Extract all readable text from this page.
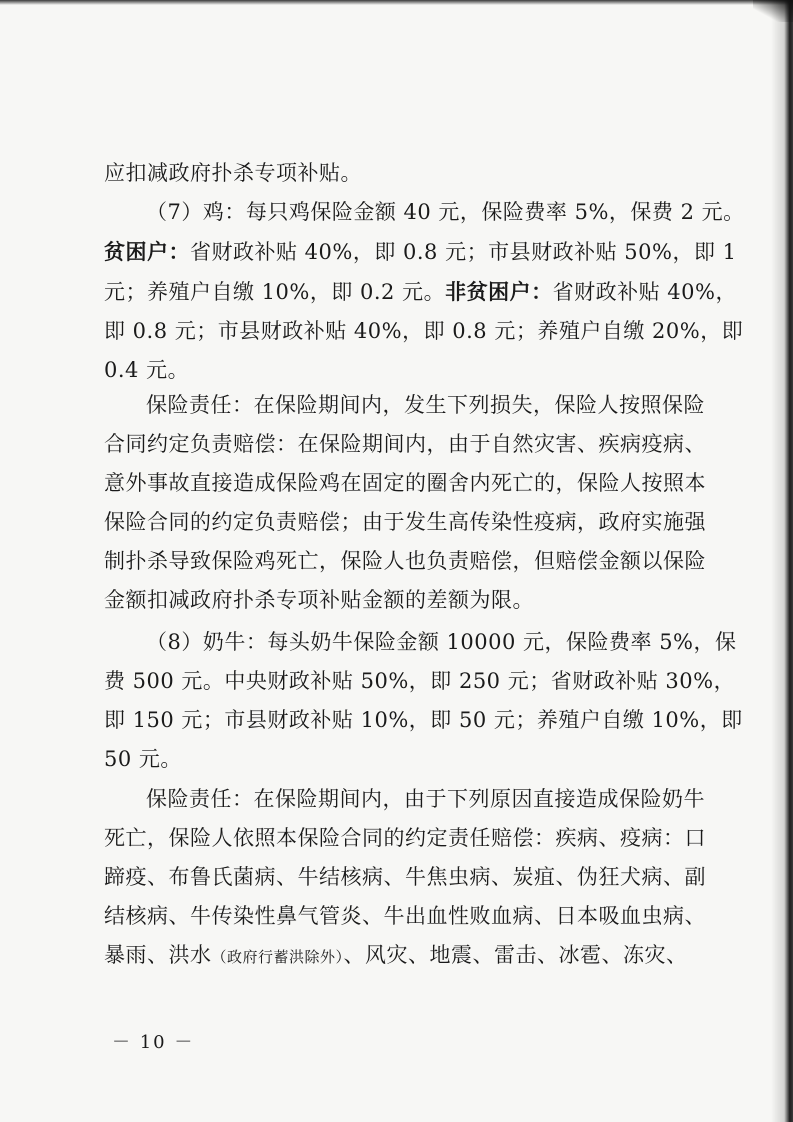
应扣减政府扑杀专项补贴。
（7）鸡：每只鸡保险金额 40 元，保险费率 5%，保费 2 元。
贫困户：省财政补贴 40%，即 0.8 元；市县财政补贴 50%，即 1
元；养殖户自缴 10%，即 0.2 元。非贫困户：省财政补贴 40%，
即 0.8 元；市县财政补贴 40%，即 0.8 元；养殖户自缴 20%，即
0.4 元。
保险责任：在保险期间内，发生下列损失，保险人按照保险
合同约定负责赔偿：在保险期间内，由于自然灾害、疾病疫病、
意外事故直接造成保险鸡在固定的圈舍内死亡的，保险人按照本
保险合同的约定负责赔偿；由于发生高传染性疫病，政府实施强
制扑杀导致保险鸡死亡，保险人也负责赔偿，但赔偿金额以保险
金额扣减政府扑杀专项补贴金额的差额为限。
（8）奶牛：每头奶牛保险金额 10000 元，保险费率 5%，保
费 500 元。中央财政补贴 50%，即 250 元；省财政补贴 30%，
即 150 元；市县财政补贴 10%，即 50 元；养殖户自缴 10%，即
50 元。
保险责任：在保险期间内，由于下列原因直接造成保险奶牛
死亡，保险人依照本保险合同的约定责任赔偿：疾病、疫病：口
蹄疫、布鲁氏菌病、牛结核病、牛焦虫病、炭疽、伪狂犬病、副
结核病、牛传染性鼻气管炎、牛出血性败血病、日本吸血虫病、
暴雨、洪水（政府行蓄洪除外）、风灾、地震、雷击、冰雹、冻灾、
－ 10 －
